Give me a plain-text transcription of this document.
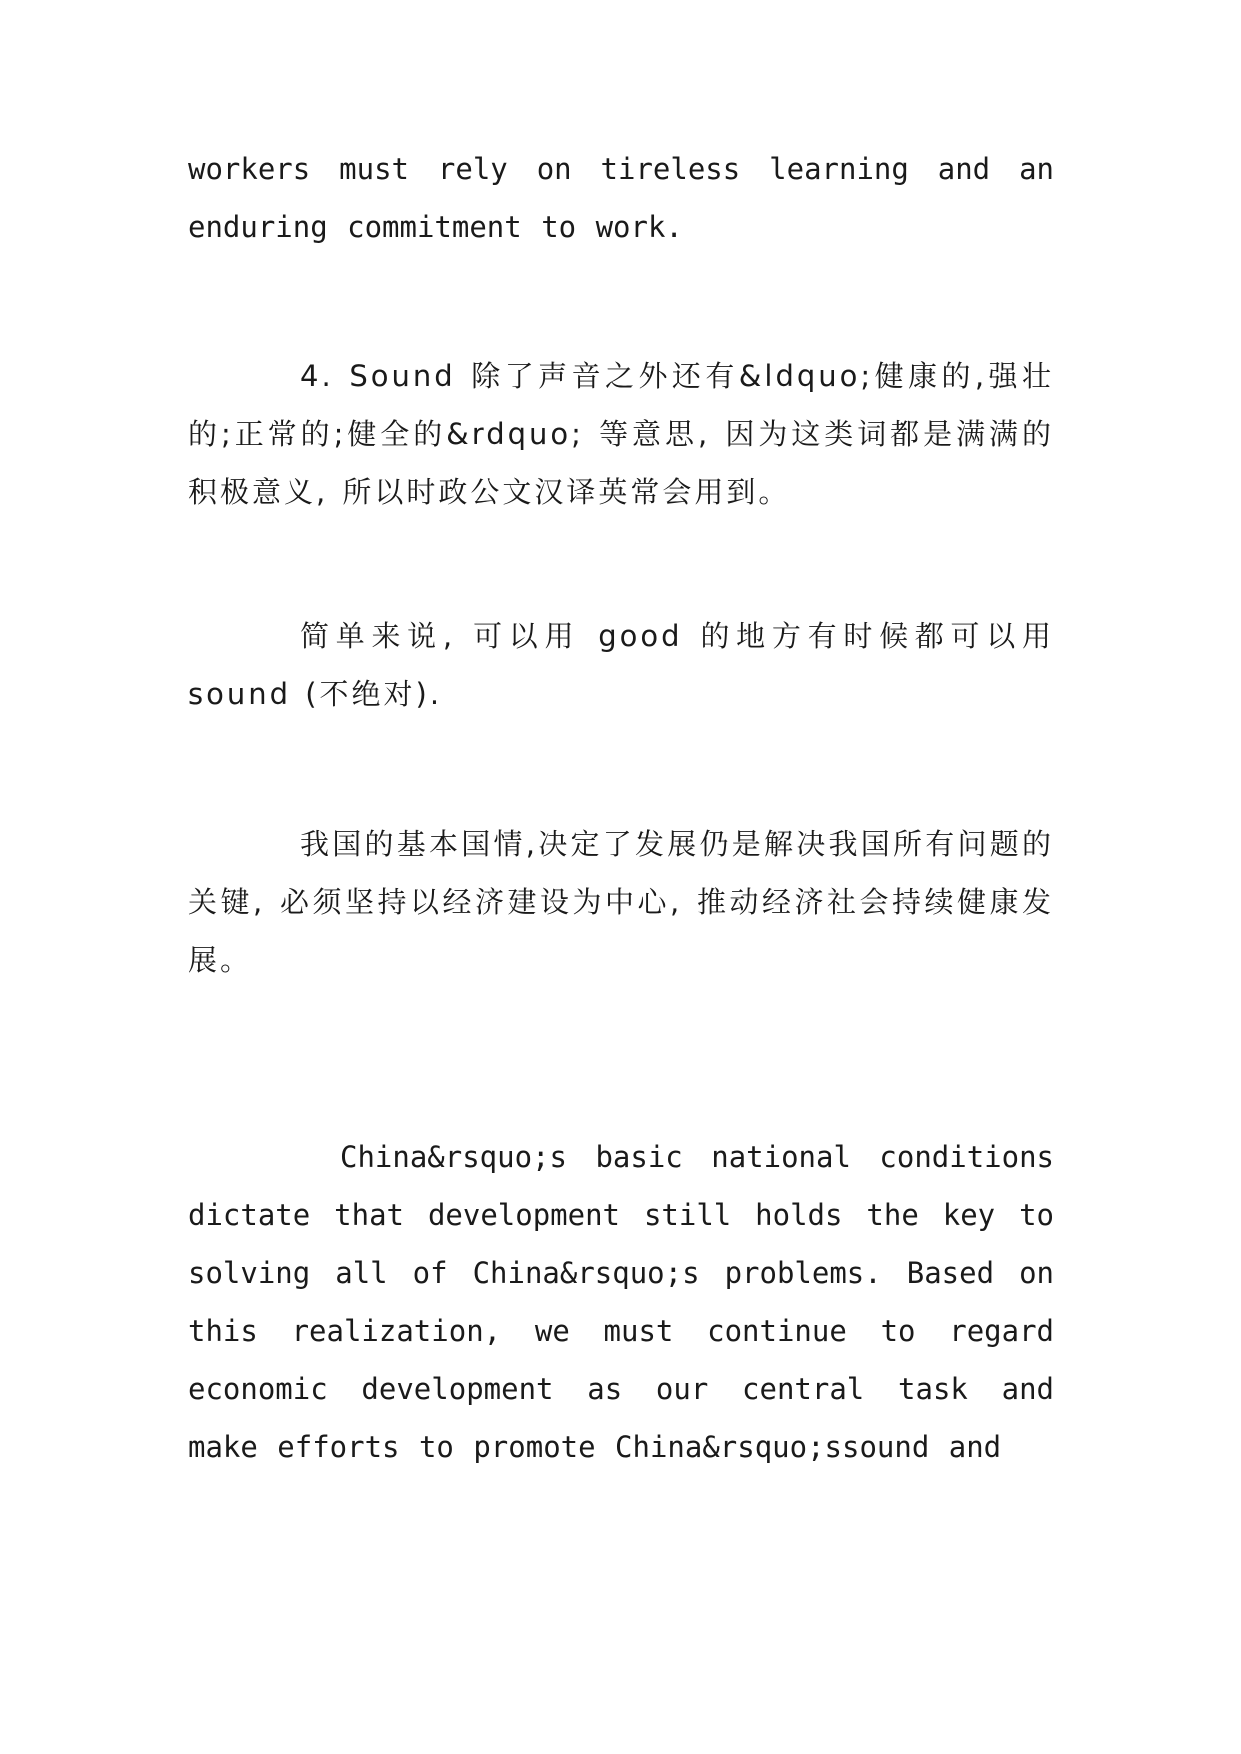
workers must rely on tireless learning and an enduring commitment to work.

4. Sound 除了声音之外还有&ldquo;健康的,强壮的;正常的;健全的&rdquo; 等意思, 因为这类词都是满满的积极意义, 所以时政公文汉译英常会用到。

简单来说, 可以用 good 的地方有时候都可以用 sound (不绝对).

我国的基本国情,决定了发展仍是解决我国所有问题的关键, 必须坚持以经济建设为中心, 推动经济社会持续健康发展。

China&rsquo;s basic national conditions dictate that development still holds the key to solving all of China&rsquo;s problems. Based on this realization, we must continue to regard economic development as our central task and make efforts to promote China&rsquo;ssound and
